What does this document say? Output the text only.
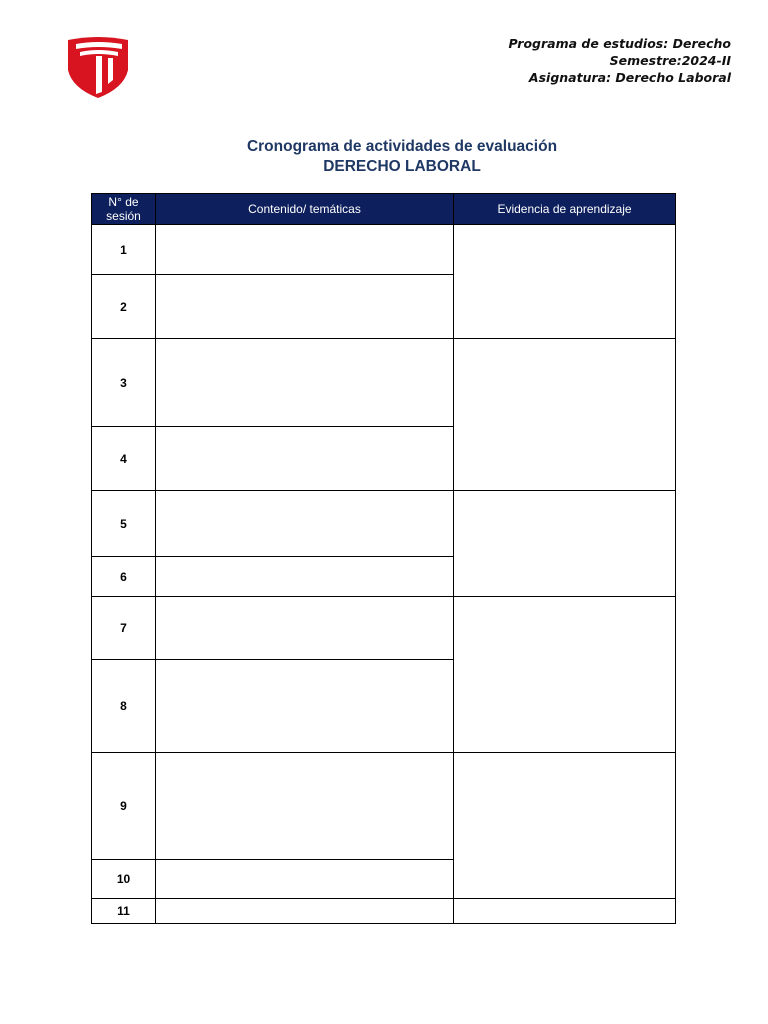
Programa de estudios: Derecho
Semestre:2024-II
Asignatura: Derecho Laboral
Cronograma de actividades de evaluación
DERECHO LABORAL
N° de sesión	Contenido/ temáticas	Evidencia de aprendizaje
1		
2		
3		
4		
5		
6		
7		
8		
9		
10		
11		
